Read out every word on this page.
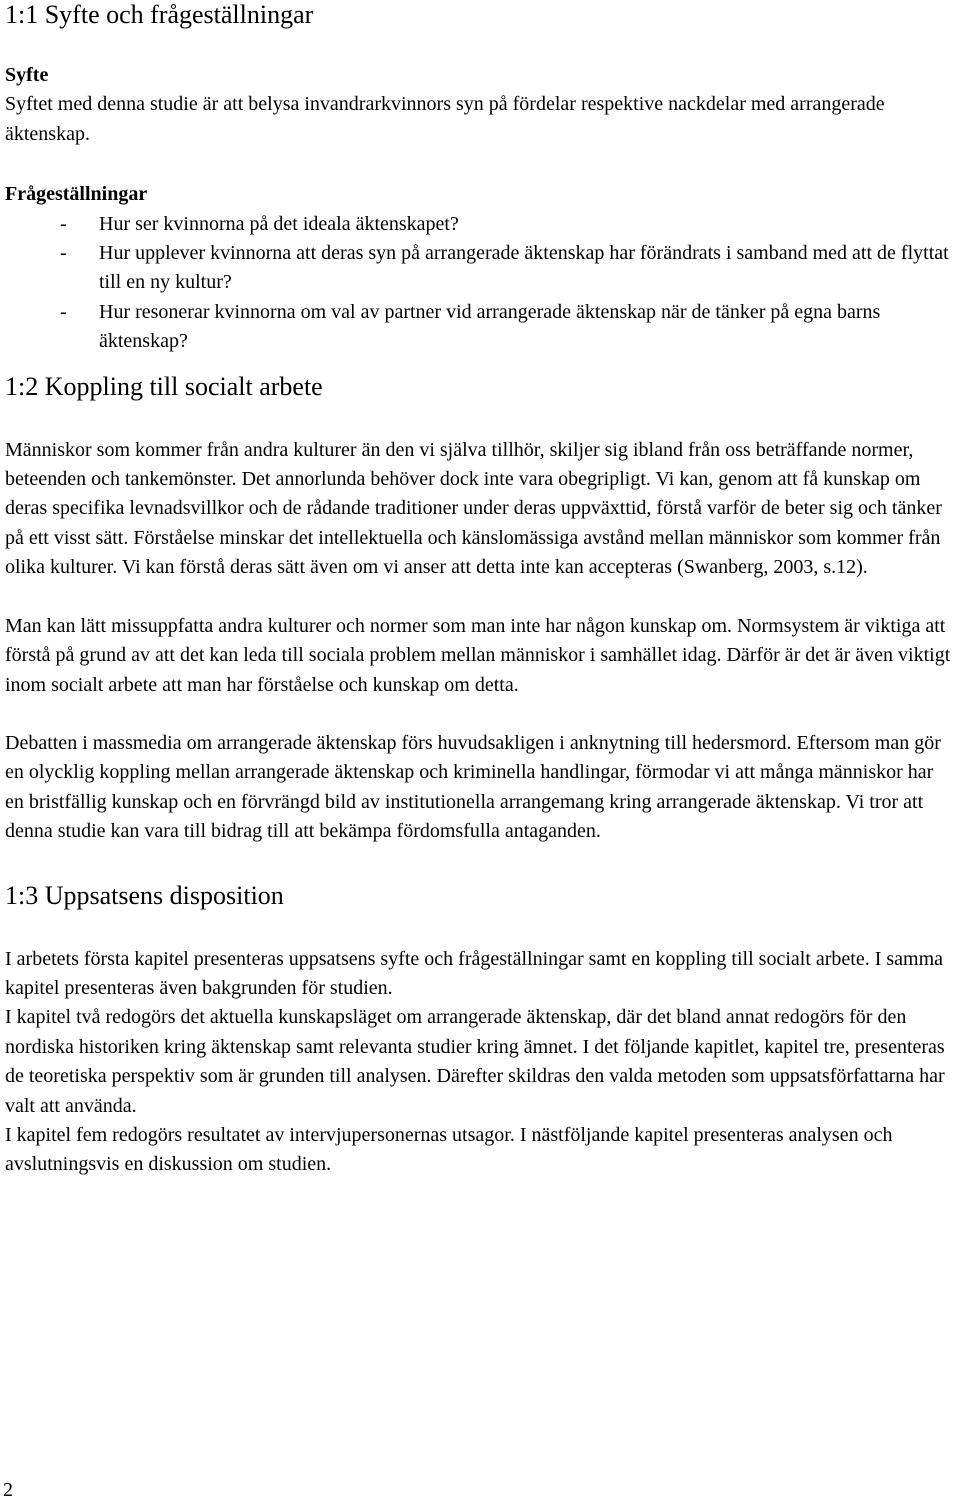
1:1 Syfte och frågeställningar
Syfte

Syftet med denna studie är att belysa invandrarkvinnors syn på fördelar respektive nackdelar med arrangerade äktenskap.

Frågeställningar
- Hur ser kvinnorna på det ideala äktenskapet?
- Hur upplever kvinnorna att deras syn på arrangerade äktenskap har förändrats i samband med att de flyttat till en ny kultur?
- Hur resonerar kvinnorna om val av partner vid arrangerade äktenskap när de tänker på egna barns äktenskap?
1:2 Koppling till socialt arbete

Människor som kommer från andra kulturer än den vi själva tillhör, skiljer sig ibland från oss beträffande normer, beteenden och tankemönster. Det annorlunda behöver dock inte vara obegripligt. Vi kan, genom att få kunskap om deras specifika levnadsvillkor och de rådande traditioner under deras uppväxttid, förstå varför de beter sig och tänker på ett visst sätt. Förståelse minskar det intellektuella och känslomässiga avstånd mellan människor som kommer från olika kulturer. Vi kan förstå deras sätt även om vi anser att detta inte kan accepteras (Swanberg, 2003, s.12).

Man kan lätt missuppfatta andra kulturer och normer som man inte har någon kunskap om. Normsystem är viktiga att förstå på grund av att det kan leda till sociala problem mellan människor i samhället idag. Därför är det är även viktigt inom socialt arbete att man har förståelse och kunskap om detta.

Debatten i massmedia om arrangerade äktenskap förs huvudsakligen i anknytning till hedersmord. Eftersom man gör en olycklig koppling mellan arrangerade äktenskap och kriminella handlingar, förmodar vi att många människor har en bristfällig kunskap och en förvrängd bild av institutionella arrangemang kring arrangerade äktenskap. Vi tror att denna studie kan vara till bidrag till att bekämpa fördomsfulla antaganden.

1:3 Uppsatsens disposition

I arbetets första kapitel presenteras uppsatsens syfte och frågeställningar samt en koppling till socialt arbete. I samma kapitel presenteras även bakgrunden för studien.

I kapitel två redogörs det aktuella kunskapsläget om arrangerade äktenskap, där det bland annat redogörs för den nordiska historiken kring äktenskap samt relevanta studier kring ämnet. I det följande kapitlet, kapitel tre, presenteras de teoretiska perspektiv som är grunden till analysen. Därefter skildras den valda metoden som uppsatsförfattarna har valt att använda.

I kapitel fem redogörs resultatet av intervjupersonernas utsagor. I nästföljande kapitel presenteras analysen och avslutningsvis en diskussion om studien.

2
